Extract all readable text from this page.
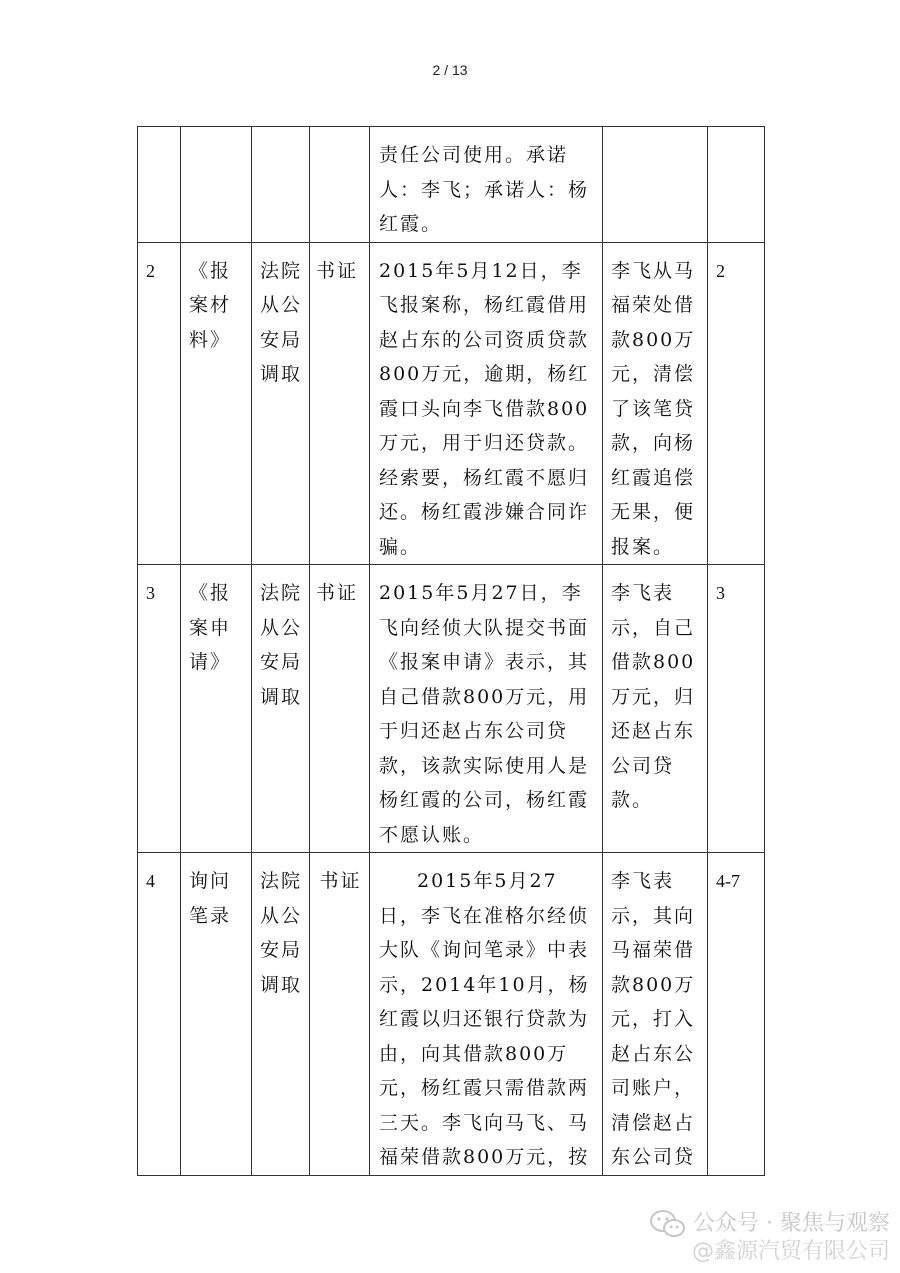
2 / 13
				责任公司使用。承诺人：李飞；承诺人：杨红霞。		
2	《报案材料》	法院从公安局调取	书证	2015年5月12日，李飞报案称，杨红霞借用赵占东的公司资质贷款800万元，逾期，杨红霞口头向李飞借款800万元，用于归还贷款。经索要，杨红霞不愿归还。杨红霞涉嫌合同诈骗。	李飞从马福荣处借款800万元，清偿了该笔贷款，向杨红霞追偿无果，便报案。	2
3	《报案申请》	法院从公安局调取	书证	2015年5月27日，李飞向经侦大队提交书面《报案申请》表示，其自己借款800万元，用于归还赵占东公司贷款，该款实际使用人是杨红霞的公司，杨红霞不愿认账。	李飞表示，自己借款800万元，归还赵占东公司贷款。	3
4	询问笔录	法院从公安局调取	书证	2015年5月27日，李飞在准格尔经侦大队《询问笔录》中表示，2014年10月，杨红霞以归还银行贷款为由，向其借款800万元，杨红霞只需借款两三天。李飞向马飞、马福荣借款800万元，按	李飞表示，其向马福荣借款800万元，打入赵占东公司账户，清偿赵占东公司贷	4-7
公众号 · 聚焦与观察
@鑫源汽贸有限公司
